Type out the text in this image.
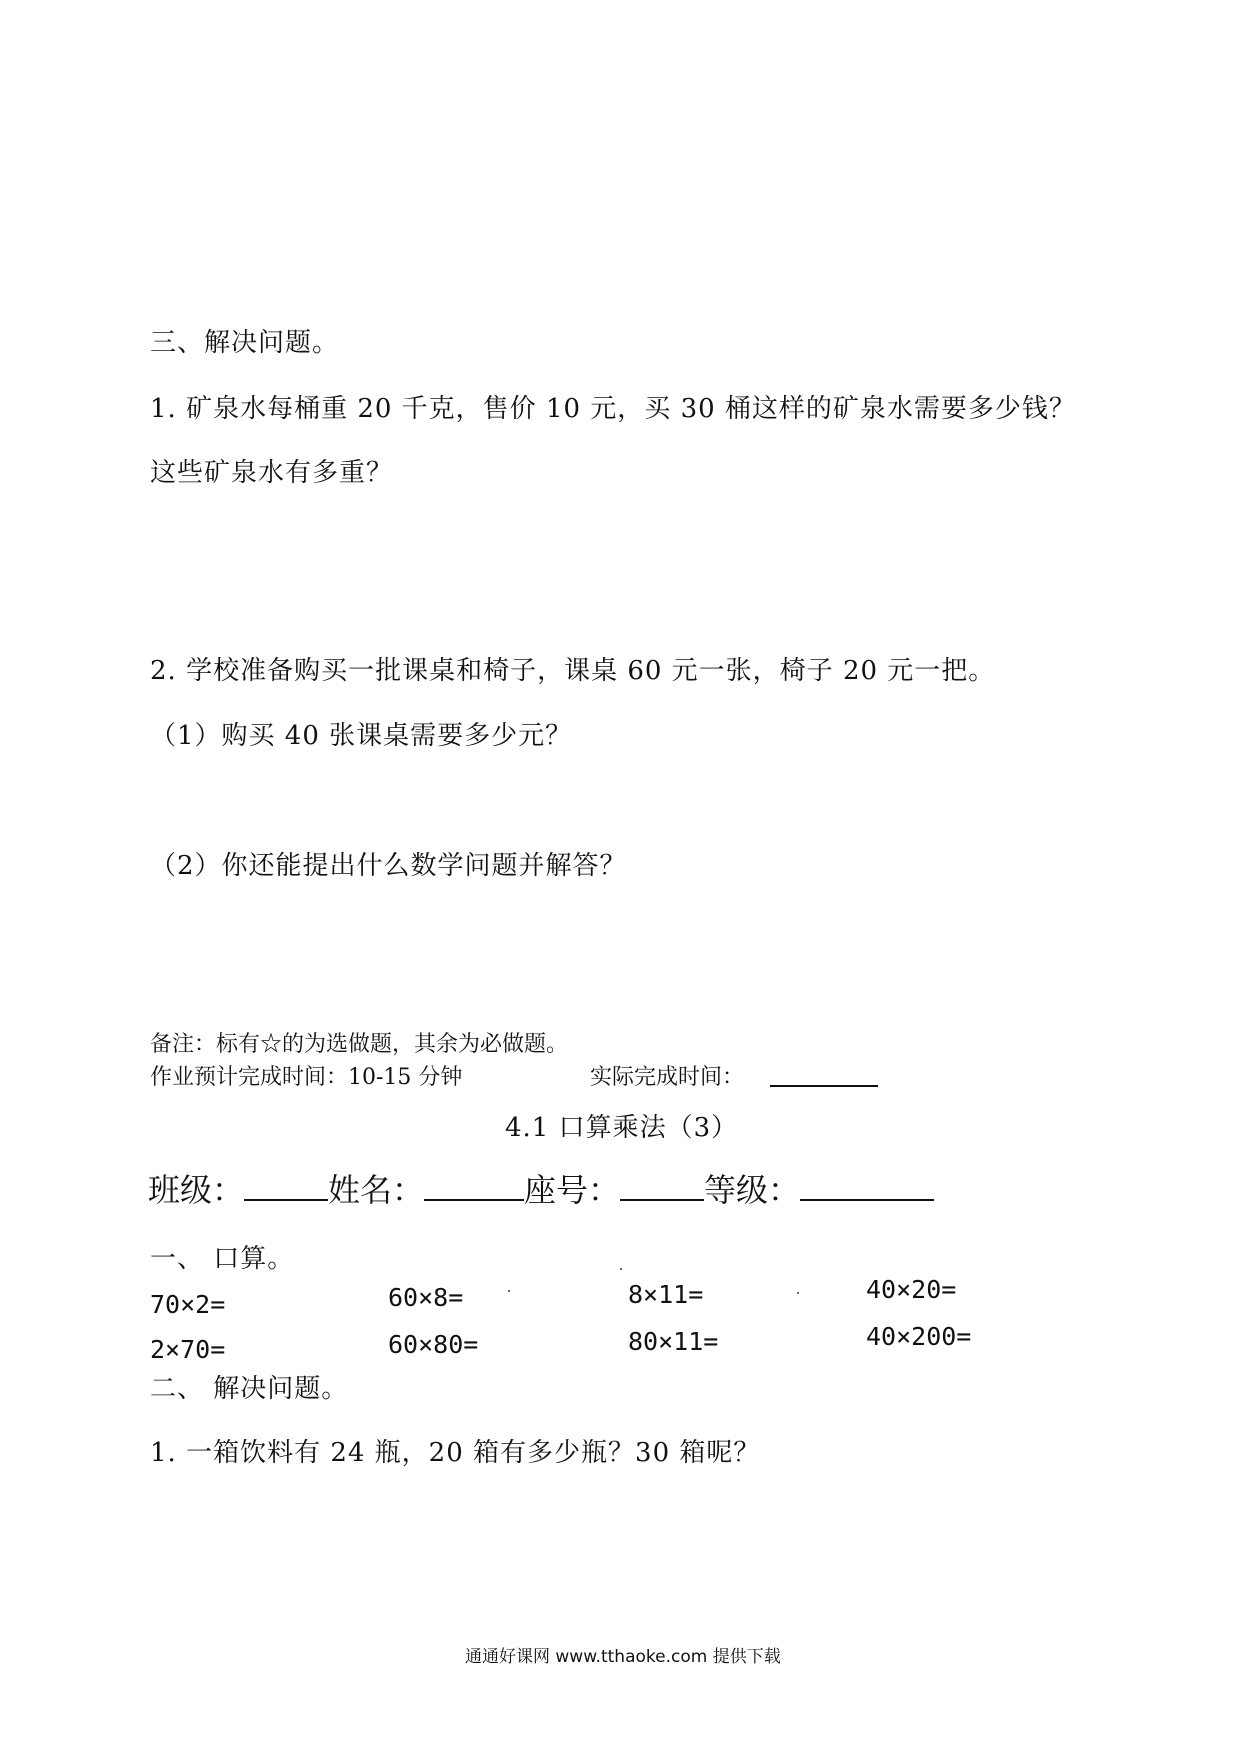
三、解决问题。
1. 矿泉水每桶重 20 千克，售价 10 元，买 30 桶这样的矿泉水需要多少钱？
这些矿泉水有多重？
2. 学校准备购买一批课桌和椅子，课桌 60 元一张，椅子 20 元一把。
（1）购买 40 张课桌需要多少元？
（2）你还能提出什么数学问题并解答？
备注：标有☆的为选做题，其余为必做题。
作业预计完成时间：10-15 分钟	实际完成时间：
4.1 口算乘法（3）
班级：	姓名：	座号：	等级：
一、 口算。
70×2=	60×8=	8×11=	40×20=
2×70=	60×80=	80×11=	40×200=
二、 解决问题。
1. 一箱饮料有 24 瓶，20 箱有多少瓶？30 箱呢？
通通好课网 www.tthaoke.com 提供下载
